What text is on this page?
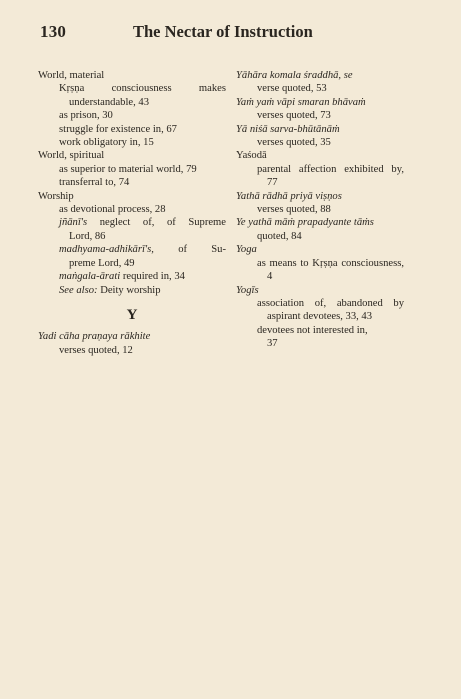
130	The Nectar of Instruction

World, material

Kṛṣṇa consciousness makes

understandable, 43

as prison, 30

struggle for existence in, 67

work obligatory in, 15

World, spiritual

as superior to material world, 79

transferral to, 74

Worship

as devotional process, 28

jñānī's neglect of, of Supreme

Lord, 86

madhyama-adhikārī's, of Su-

preme Lord, 49

maṅgala-ārati required in, 34

See also: Deity worship

Y

Yadi cāha praṇaya rākhite

verses quoted, 12

Yāhāra komala śraddhā, se

verse quoted, 53

Yaṁ yaṁ vāpi smaran bhāvaṁ

verses quoted, 73

Yā niśā sarva-bhūtānāṁ

verses quoted, 35

Yaśodā

parental affection exhibited by,

77

Yathā rādhā priyā viṣṇos

verses quoted, 88

Ye yathā māṁ prapadyante tāṁs

quoted, 84

Yoga

as means to Kṛṣṇa consciousness,

4

Yogīs

association of, abandoned by

aspirant devotees, 33, 43

devotees not interested in,

37
